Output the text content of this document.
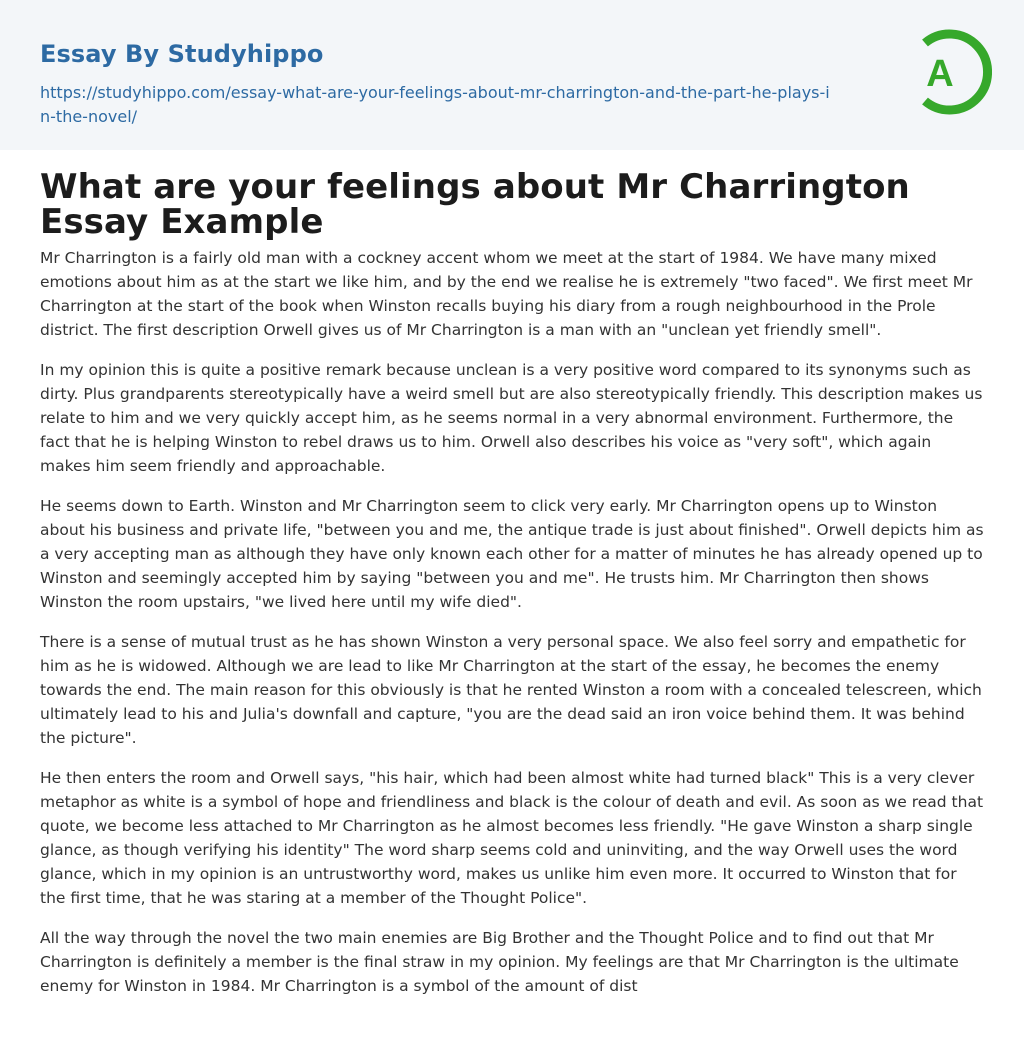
Essay By Studyhippo
https://studyhippo.com/essay-what-are-your-feelings-about-mr-charrington-and-the-part-he-plays-in-the-novel/
A
What are your feelings about Mr Charrington Essay Example

Mr Charrington is a fairly old man with a cockney accent whom we meet at the start of 1984. We have many mixed emotions about him as at the start we like him, and by the end we realise he is extremely "two faced". We first meet Mr Charrington at the start of the book when Winston recalls buying his diary from a rough neighbourhood in the Prole district. The first description Orwell gives us of Mr Charrington is a man with an "unclean yet friendly smell".

In my opinion this is quite a positive remark because unclean is a very positive word compared to its synonyms such as dirty. Plus grandparents stereotypically have a weird smell but are also stereotypically friendly. This description makes us relate to him and we very quickly accept him, as he seems normal in a very abnormal environment. Furthermore, the fact that he is helping Winston to rebel draws us to him. Orwell also describes his voice as "very soft", which again makes him seem friendly and approachable.

He seems down to Earth. Winston and Mr Charrington seem to click very early. Mr Charrington opens up to Winston about his business and private life, "between you and me, the antique trade is just about finished". Orwell depicts him as a very accepting man as although they have only known each other for a matter of minutes he has already opened up to Winston and seemingly accepted him by saying "between you and me". He trusts him. Mr Charrington then shows Winston the room upstairs, "we lived here until my wife died".

There is a sense of mutual trust as he has shown Winston a very personal space. We also feel sorry and empathetic for him as he is widowed. Although we are lead to like Mr Charrington at the start of the essay, he becomes the enemy towards the end. The main reason for this obviously is that he rented Winston a room with a concealed telescreen, which ultimately lead to his and Julia's downfall and capture, "you are the dead said an iron voice behind them. It was behind the picture".

He then enters the room and Orwell says, "his hair, which had been almost white had turned black" This is a very clever metaphor as white is a symbol of hope and friendliness and black is the colour of death and evil. As soon as we read that quote, we become less attached to Mr Charrington as he almost becomes less friendly. "He gave Winston a sharp single glance, as though verifying his identity" The word sharp seems cold and uninviting, and the way Orwell uses the word glance, which in my opinion is an untrustworthy word, makes us unlike him even more. It occurred to Winston that for the first time, that he was staring at a member of the Thought Police".

All the way through the novel the two main enemies are Big Brother and the Thought Police and to find out that Mr Charrington is definitely a member is the final straw in my opinion. My feelings are that Mr Charrington is the ultimate enemy for Winston in 1984. Mr Charrington is a symbol of the amount of dist
